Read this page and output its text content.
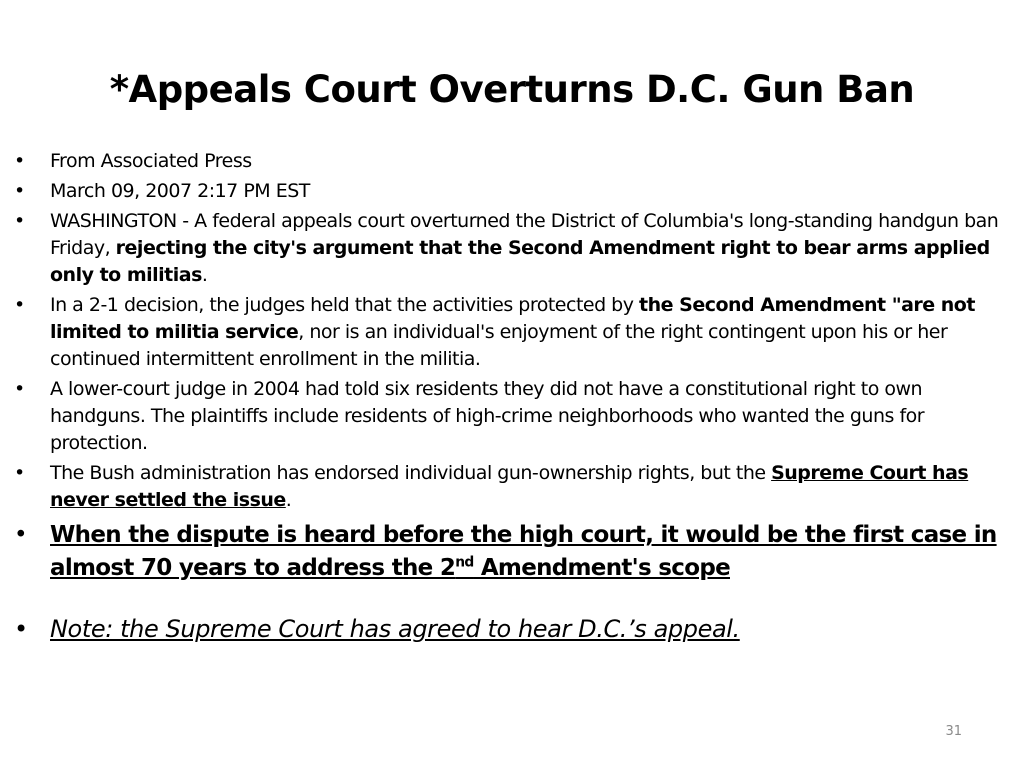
*Appeals Court Overturns D.C. Gun Ban
• From Associated Press
• March 09, 2007 2:17 PM EST
• WASHINGTON - A federal appeals court overturned the District of Columbia's long-standing handgun ban Friday, rejecting the city's argument that the Second Amendment right to bear arms applied only to militias.
• In a 2-1 decision, the judges held that the activities protected by the Second Amendment "are not limited to militia service, nor is an individual's enjoyment of the right contingent upon his or her continued intermittent enrollment in the militia.
• A lower-court judge in 2004 had told six residents they did not have a constitutional right to own handguns. The plaintiffs include residents of high-crime neighborhoods who wanted the guns for protection.
• The Bush administration has endorsed individual gun-ownership rights, but the Supreme Court has never settled the issue.
• When the dispute is heard before the high court, it would be the first case in almost 70 years to address the 2nd Amendment's scope
• Note: the Supreme Court has agreed to hear D.C.’s appeal.
31
